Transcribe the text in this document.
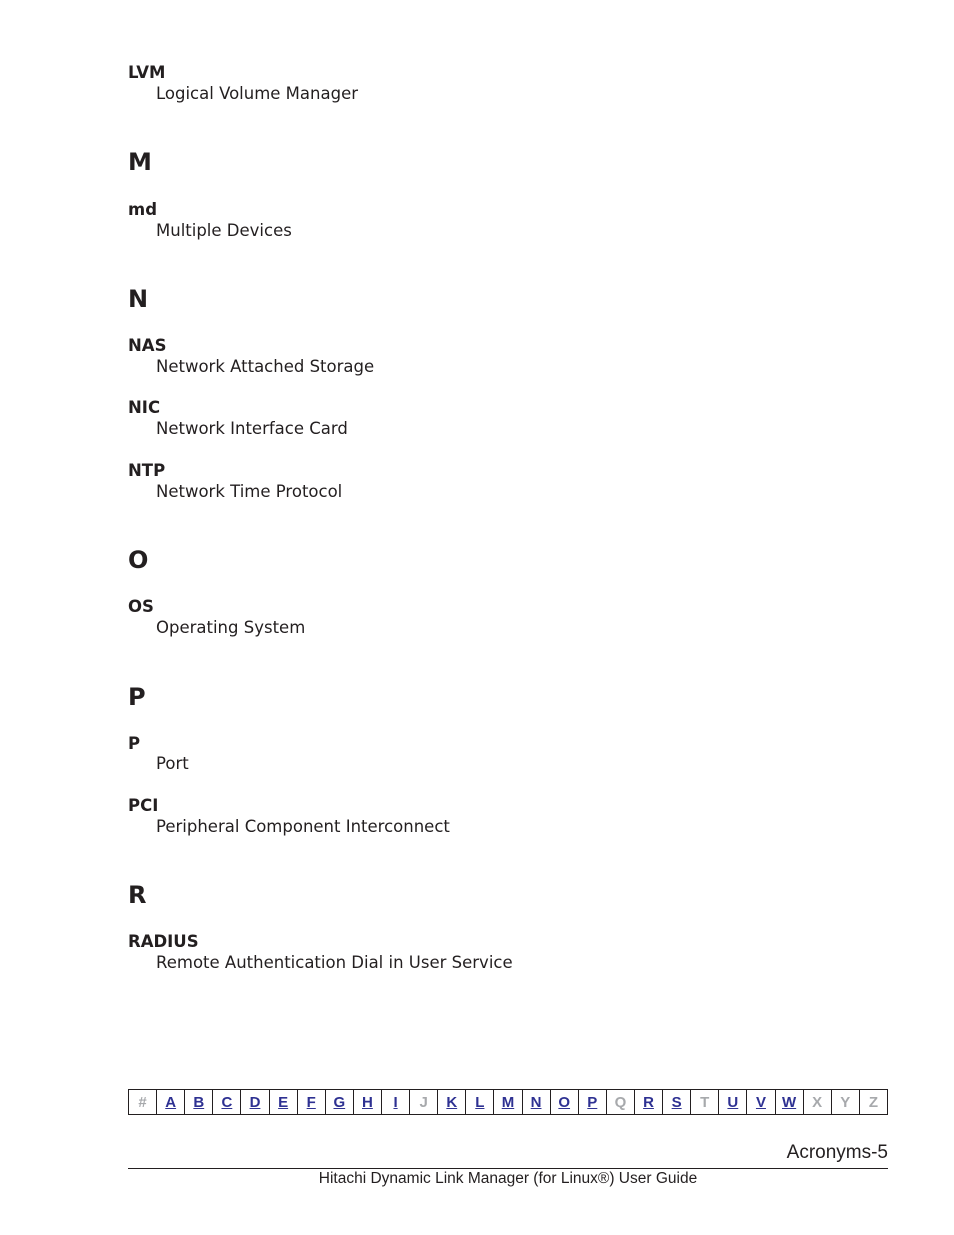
LVM
Logical Volume Manager
M
md
Multiple Devices
N
NAS
Network Attached Storage
NIC
Network Interface Card
NTP
Network Time Protocol
O
OS
Operating System
P
P
Port
PCI
Peripheral Component Interconnect
R
RADIUS
Remote Authentication Dial in User Service
#	A	B	C	D	E	F	G	H	I	J	K	L	M	N	O	P	Q	R	S	T	U	V	W	X	Y	Z
Acronyms-5
Hitachi Dynamic Link Manager (for Linux®) User Guide
